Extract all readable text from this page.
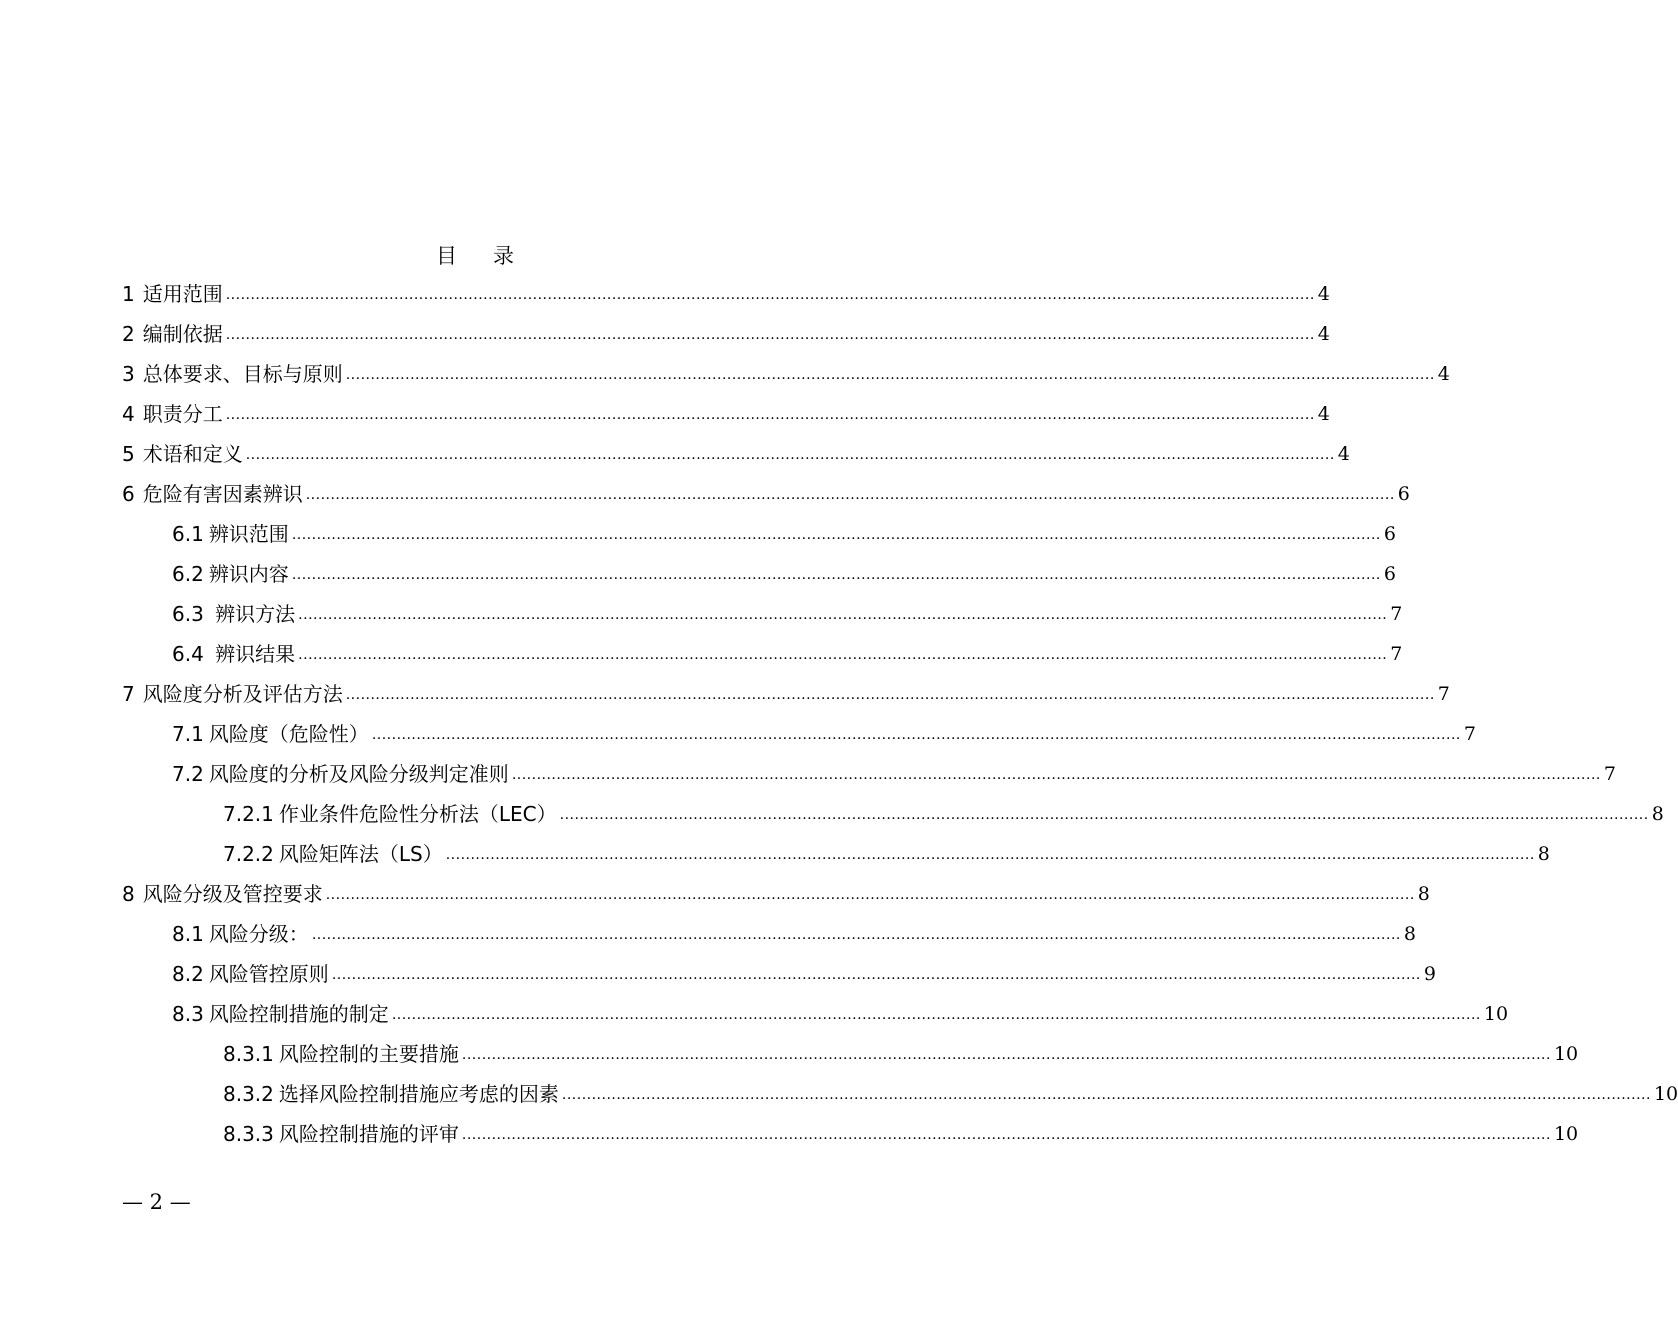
目录
1 适用范围 ............................................................................................................................................................................................................................ 4
2 编制依据 ............................................................................................................................................................................................................................ 4
3 总体要求、目标与原则 ............................................................................................................................................................................................................................ 4
4 职责分工 ............................................................................................................................................................................................................................ 4
5 术语和定义 ............................................................................................................................................................................................................................ 4
6 危险有害因素辨识 ............................................................................................................................................................................................................................ 6
6.1 辨识范围 ............................................................................................................................................................................................................................ 6
6.2 辨识内容 ............................................................................................................................................................................................................................ 6
6.3 辨识方法 ............................................................................................................................................................................................................................ 7
6.4 辨识结果 ............................................................................................................................................................................................................................ 7
7 风险度分析及评估方法 ............................................................................................................................................................................................................................ 7
7.1 风险度（危险性） ............................................................................................................................................................................................................................ 7
7.2 风险度的分析及风险分级判定准则 ............................................................................................................................................................................................................................ 7
7.2.1 作业条件危险性分析法（LEC） ............................................................................................................................................................................................................................ 8
7.2.2 风险矩阵法（LS） ............................................................................................................................................................................................................................ 8
8 风险分级及管控要求 ............................................................................................................................................................................................................................ 8
8.1 风险分级： ............................................................................................................................................................................................................................ 8
8.2 风险管控原则 ............................................................................................................................................................................................................................ 9
8.3 风险控制措施的制定 ............................................................................................................................................................................................................................ 10
8.3.1 风险控制的主要措施 ............................................................................................................................................................................................................................ 10
8.3.2 选择风险控制措施应考虑的因素 ............................................................................................................................................................................................................................ 10
8.3.3 风险控制措施的评审 ............................................................................................................................................................................................................................ 10
— 2 —
